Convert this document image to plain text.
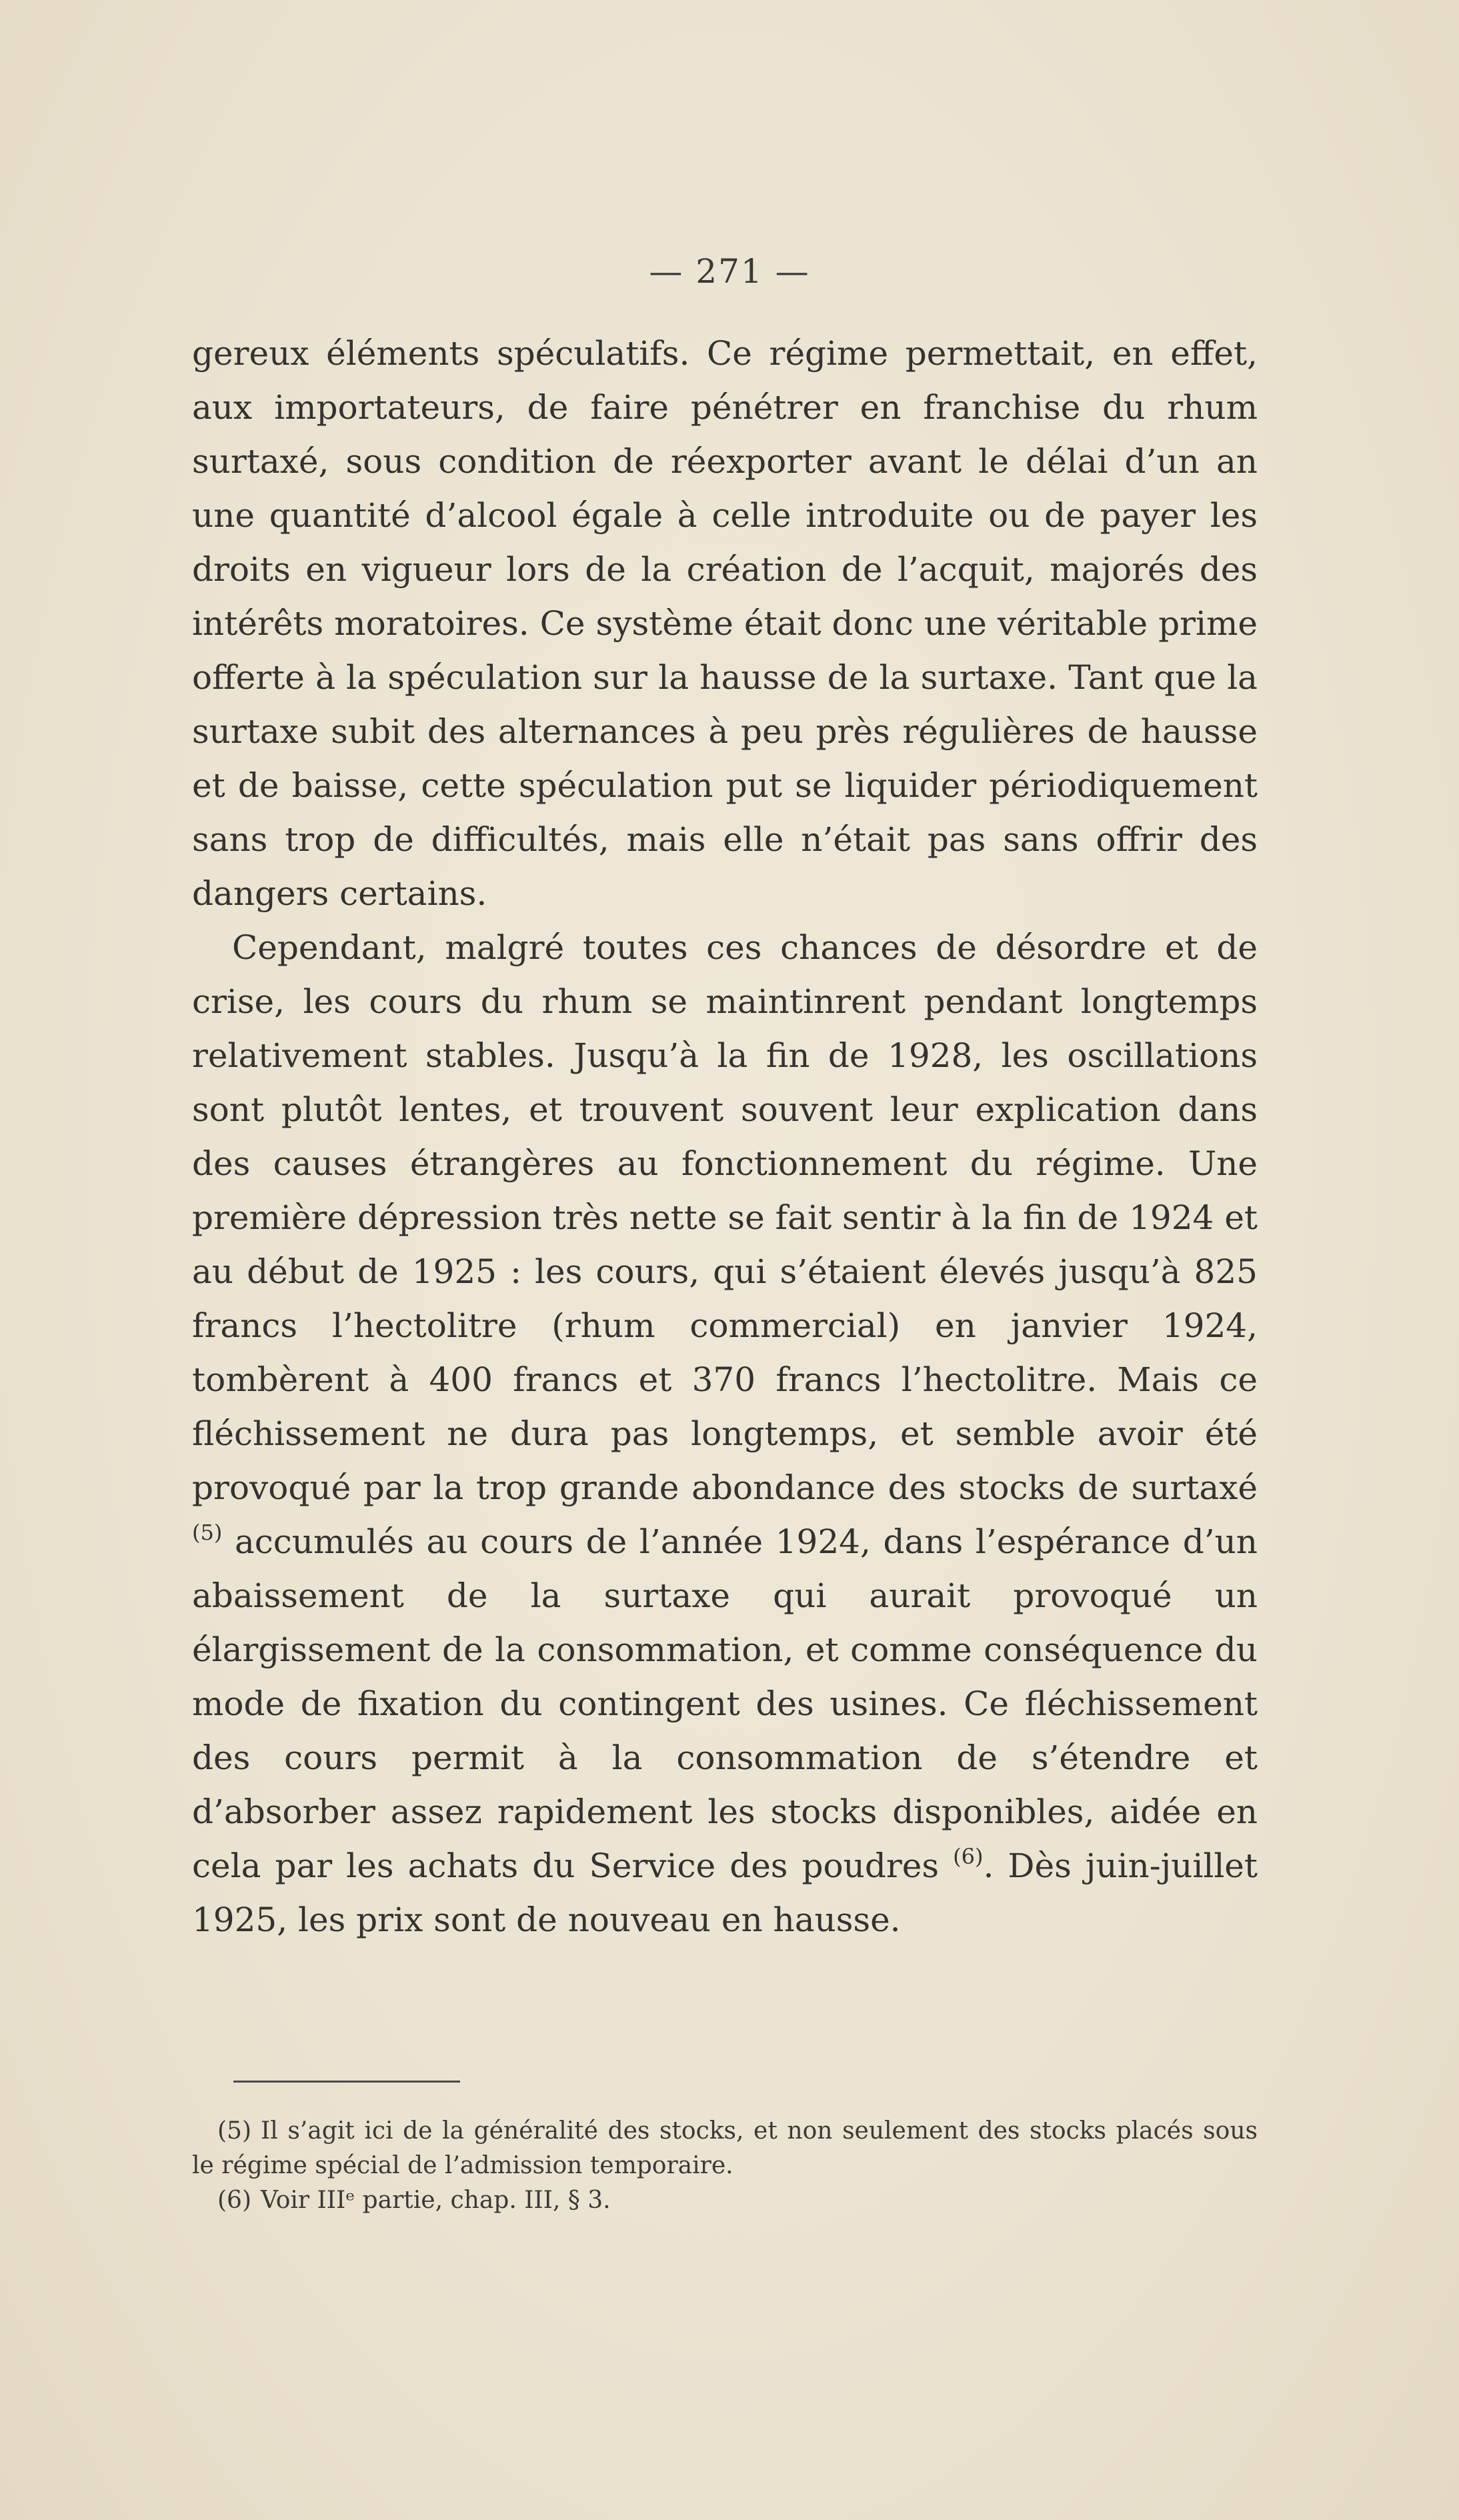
— 271 —

gereux éléments spéculatifs. Ce régime permettait, en effet, aux importateurs, de faire pénétrer en franchise du rhum surtaxé, sous condition de réexporter avant le délai d’un an une quantité d’alcool égale à celle introduite ou de payer les droits en vigueur lors de la création de l’acquit, majorés des intérêts moratoires. Ce système était donc une véritable prime offerte à la spéculation sur la hausse de la surtaxe. Tant que la surtaxe subit des alternances à peu près régulières de hausse et de baisse, cette spéculation put se liquider périodiquement sans trop de difficultés, mais elle n’était pas sans offrir des dangers certains.

Cependant, malgré toutes ces chances de désordre et de crise, les cours du rhum se maintinrent pendant longtemps relativement stables. Jusqu’à la fin de 1928, les oscillations sont plutôt lentes, et trouvent souvent leur explication dans des causes étrangères au fonctionnement du régime. Une première dépression très nette se fait sentir à la fin de 1924 et au début de 1925 : les cours, qui s’étaient élevés jusqu’à 825 francs l’hectolitre (rhum commercial) en janvier 1924, tombèrent à 400 francs et 370 francs l’hectolitre. Mais ce fléchissement ne dura pas longtemps, et semble avoir été provoqué par la trop grande abondance des stocks de surtaxé $^{(5)}$ accumulés au cours de l’année 1924, dans l’espérance d’un abaissement de la surtaxe qui aurait provoqué un élargissement de la consommation, et comme conséquence du mode de fixation du contingent des usines. Ce fléchissement des cours permit à la consommation de s’étendre et d’absorber assez rapidement les stocks disponibles, aidée en cela par les achats du Service des poudres $^{(6)}$. Dès juin-juillet 1925, les prix sont de nouveau en hausse.

(5) Il s’agit ici de la généralité des stocks, et non seulement des stocks placés sous le régime spécial de l’admission temporaire.

(6) Voir IIIᵉ partie, chap. III, § 3.
